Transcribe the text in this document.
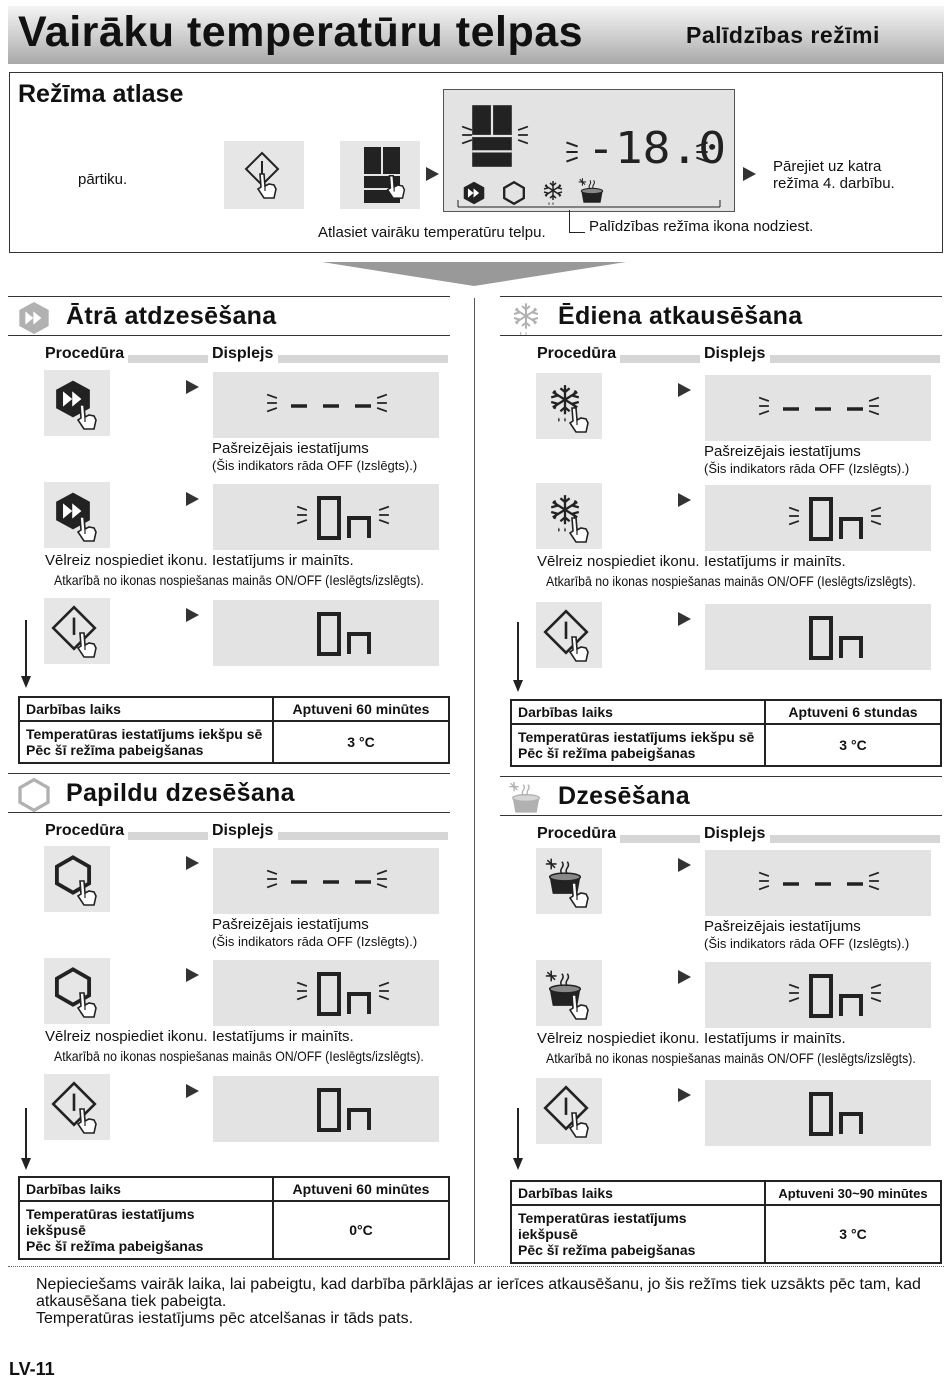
Vairāku temperatūru telpas	Palīdzības režīmi
Režīma atlase
pārtiku.
-18.0	Pārejiet uz katra
režīma 4. darbību.
Atlasiet vairāku temperatūru telpu.	Palīdzības režīma ikona nodziest.
Ātrā atdzesēšana
Procedūra	Displejs
Pašreizējais iestatījums
(Šis indikators rāda OFF (Izslēgts).)
Vēlreiz nospiediet ikonu. Iestatījums ir mainīts.
Atkarībā no ikonas nospiešanas mainās ON/OFF (Ieslēgts/izslēgts).
Darbības laiks	Aptuveni 60 minūtes
Temperatūras iestatījums iekšpu sē Pēc šī režīma pabeigšanas	3 °C
Ēdiena atkausēšana
Procedūra	Displejs
Pašreizējais iestatījums
(Šis indikators rāda OFF (Izslēgts).)
Vēlreiz nospiediet ikonu. Iestatījums ir mainīts.
Atkarībā no ikonas nospiešanas mainās ON/OFF (Ieslēgts/izslēgts).
Darbības laiks	Aptuveni 6 stundas
Temperatūras iestatījums iekšpu sē Pēc šī režīma pabeigšanas	3 °C
Papildu dzesēšana
Procedūra	Displejs
Pašreizējais iestatījums
(Šis indikators rāda OFF (Izslēgts).)
Vēlreiz nospiediet ikonu. Iestatījums ir mainīts.
Atkarībā no ikonas nospiešanas mainās ON/OFF (Ieslēgts/izslēgts).
Darbības laiks	Aptuveni 60 minūtes

Temperatūras iestatījums
iekšpusē
Pēc šī režīma pabeigšanas	0°C
Dzesēšana
Procedūra	Displejs
Pašreizējais iestatījums
(Šis indikators rāda OFF (Izslēgts).)
Vēlreiz nospiediet ikonu. Iestatījums ir mainīts.
Atkarībā no ikonas nospiešanas mainās ON/OFF (Ieslēgts/izslēgts).
Darbības laiks	Aptuveni 30~90 minūtes

Temperatūras iestatījums
iekšpusē
Pēc šī režīma pabeigšanas	3 °C
Nepieciešams vairāk laika, lai pabeigtu, kad darbība pārklājas ar ierīces atkausēšanu, jo šis režīms tiek uzsākts pēc tam, kad atkausēšana tiek pabeigta.
Temperatūras iestatījums pēc atcelšanas ir tāds pats.
LV-11
